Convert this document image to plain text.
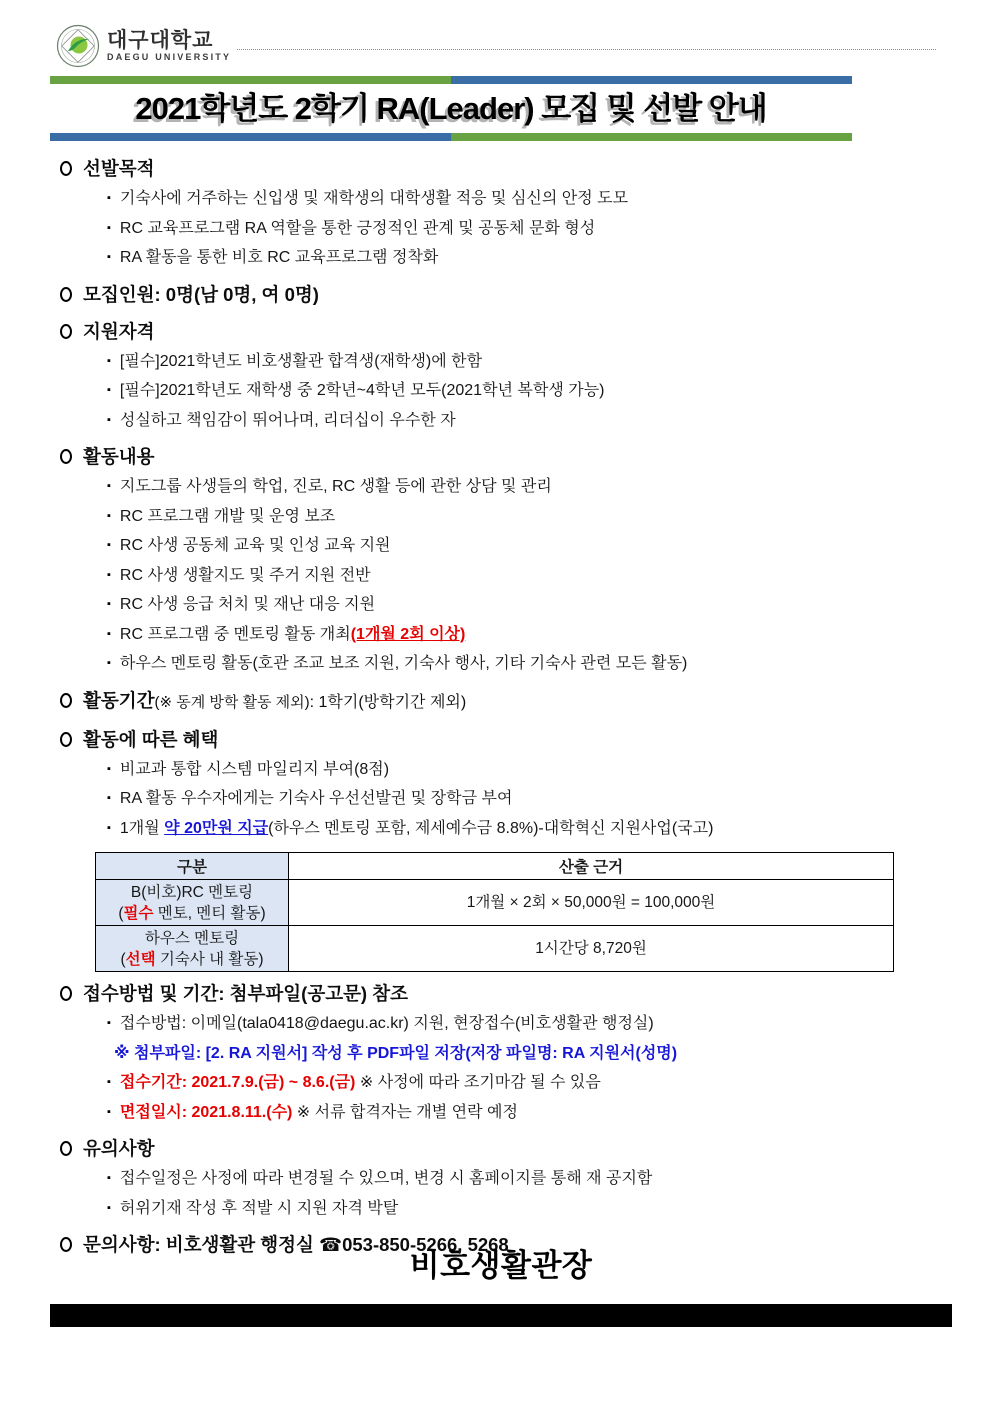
대구대학교
DAEGU UNIVERSITY
2021학년도 2학기 RA(Leader) 모집 및 선발 안내
선발목적
▪ 기숙사에 거주하는 신입생 및 재학생의 대학생활 적응 및 심신의 안정 도모
▪ RC 교육프로그램 RA 역할을 통한 긍정적인 관계 및 공동체 문화 형성
▪ RA 활동을 통한 비호 RC 교육프로그램 정착화
모집인원: 0명(남 0명, 여 0명)
지원자격
▪ [필수]2021학년도 비호생활관 합격생(재학생)에 한함
▪ [필수]2021학년도 재학생 중 2학년~4학년 모두(2021학년 복학생 가능)
▪ 성실하고 책임감이 뛰어나며, 리더십이 우수한 자
활동내용
▪ 지도그룹 사생들의 학업, 진로, RC 생활 등에 관한 상담 및 관리
▪ RC 프로그램 개발 및 운영 보조
▪ RC 사생 공동체 교육 및 인성 교육 지원
▪ RC 사생 생활지도 및 주거 지원 전반
▪ RC 사생 응급 처치 및 재난 대응 지원
▪ RC 프로그램 중 멘토링 활동 개최(1개월 2회 이상)
▪ 하우스 멘토링 활동(호관 조교 보조 지원, 기숙사 행사, 기타 기숙사 관련 모든 활동)
활동기간(※ 동계 방학 활동 제외): 1학기(방학기간 제외)
활동에 따른 혜택
▪ 비교과 통합 시스템 마일리지 부여(8점)
▪ RA 활동 우수자에게는 기숙사 우선선발권 및 장학금 부여
▪ 1개월 약 20만원 지급(하우스 멘토링 포함, 제세예수금 8.8%)-대학혁신 지원사업(국고)
구분	산출 근거

B(비호)RC 멘토링
(필수 멘토, 멘티 활동)	1개월 × 2회 × 50,000원 = 100,000원

하우스 멘토링
(선택 기숙사 내 활동)	1시간당 8,720원
접수방법 및 기간: 첨부파일(공고문) 참조
▪ 접수방법: 이메일(tala0418@daegu.ac.kr) 지원, 현장접수(비호생활관 행정실)
※ 첨부파일: [2. RA 지원서] 작성 후 PDF파일 저장(저장 파일명: RA 지원서(성명)
▪ 접수기간: 2021.7.9.(금) ~ 8.6.(금) ※ 사정에 따라 조기마감 될 수 있음
▪ 면접일시: 2021.8.11.(수) ※ 서류 합격자는 개별 연락 예정
유의사항
▪ 접수일정은 사정에 따라 변경될 수 있으며, 변경 시 홈페이지를 통해 재 공지함
▪ 허위기재 작성 후 적발 시 지원 자격 박탈
문의사항: 비호생활관 행정실 ☎053-850-5266, 5268
비호생활관장
